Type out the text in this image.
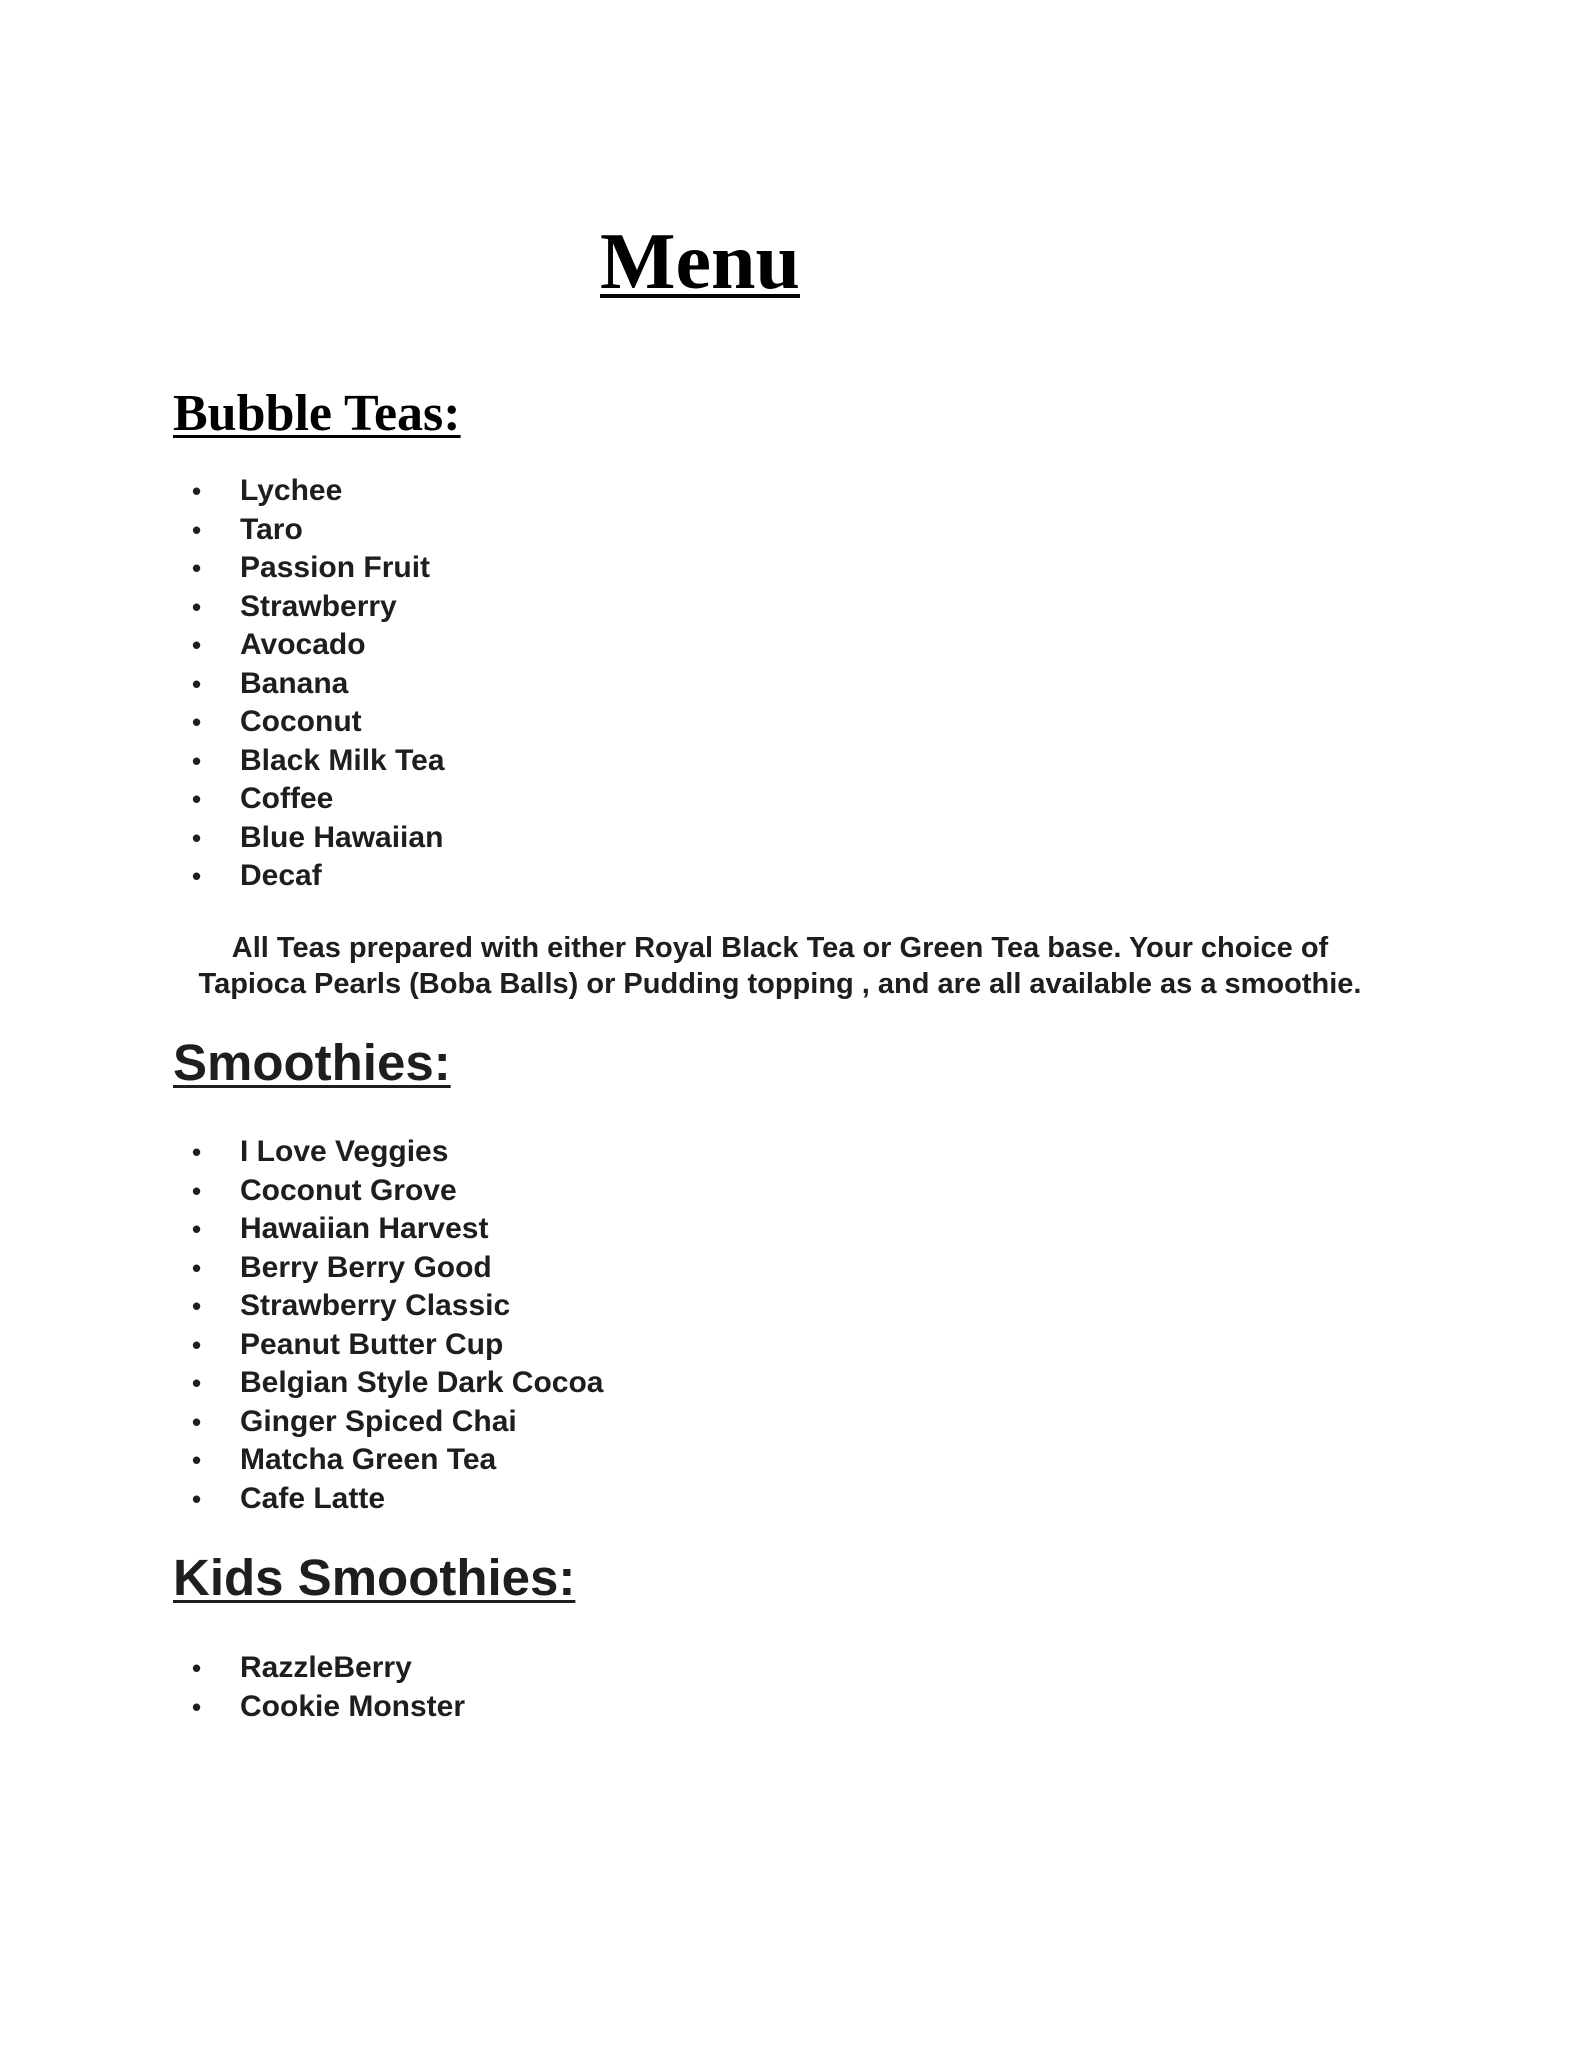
Menu
Bubble Teas:
• Lychee
• Taro
• Passion Fruit
• Strawberry
• Avocado
• Banana
• Coconut
• Black Milk Tea
• Coffee
• Blue Hawaiian
• Decaf

All Teas prepared with either Royal Black Tea or Green Tea base. Your choice of
Tapioca Pearls (Boba Balls) or Pudding topping , and are all available as a smoothie.

Smoothies:
• I Love Veggies
• Coconut Grove
• Hawaiian Harvest
• Berry Berry Good
• Strawberry Classic
• Peanut Butter Cup
• Belgian Style Dark Cocoa
• Ginger Spiced Chai
• Matcha Green Tea
• Cafe Latte
Kids Smoothies:
• RazzleBerry
• Cookie Monster
